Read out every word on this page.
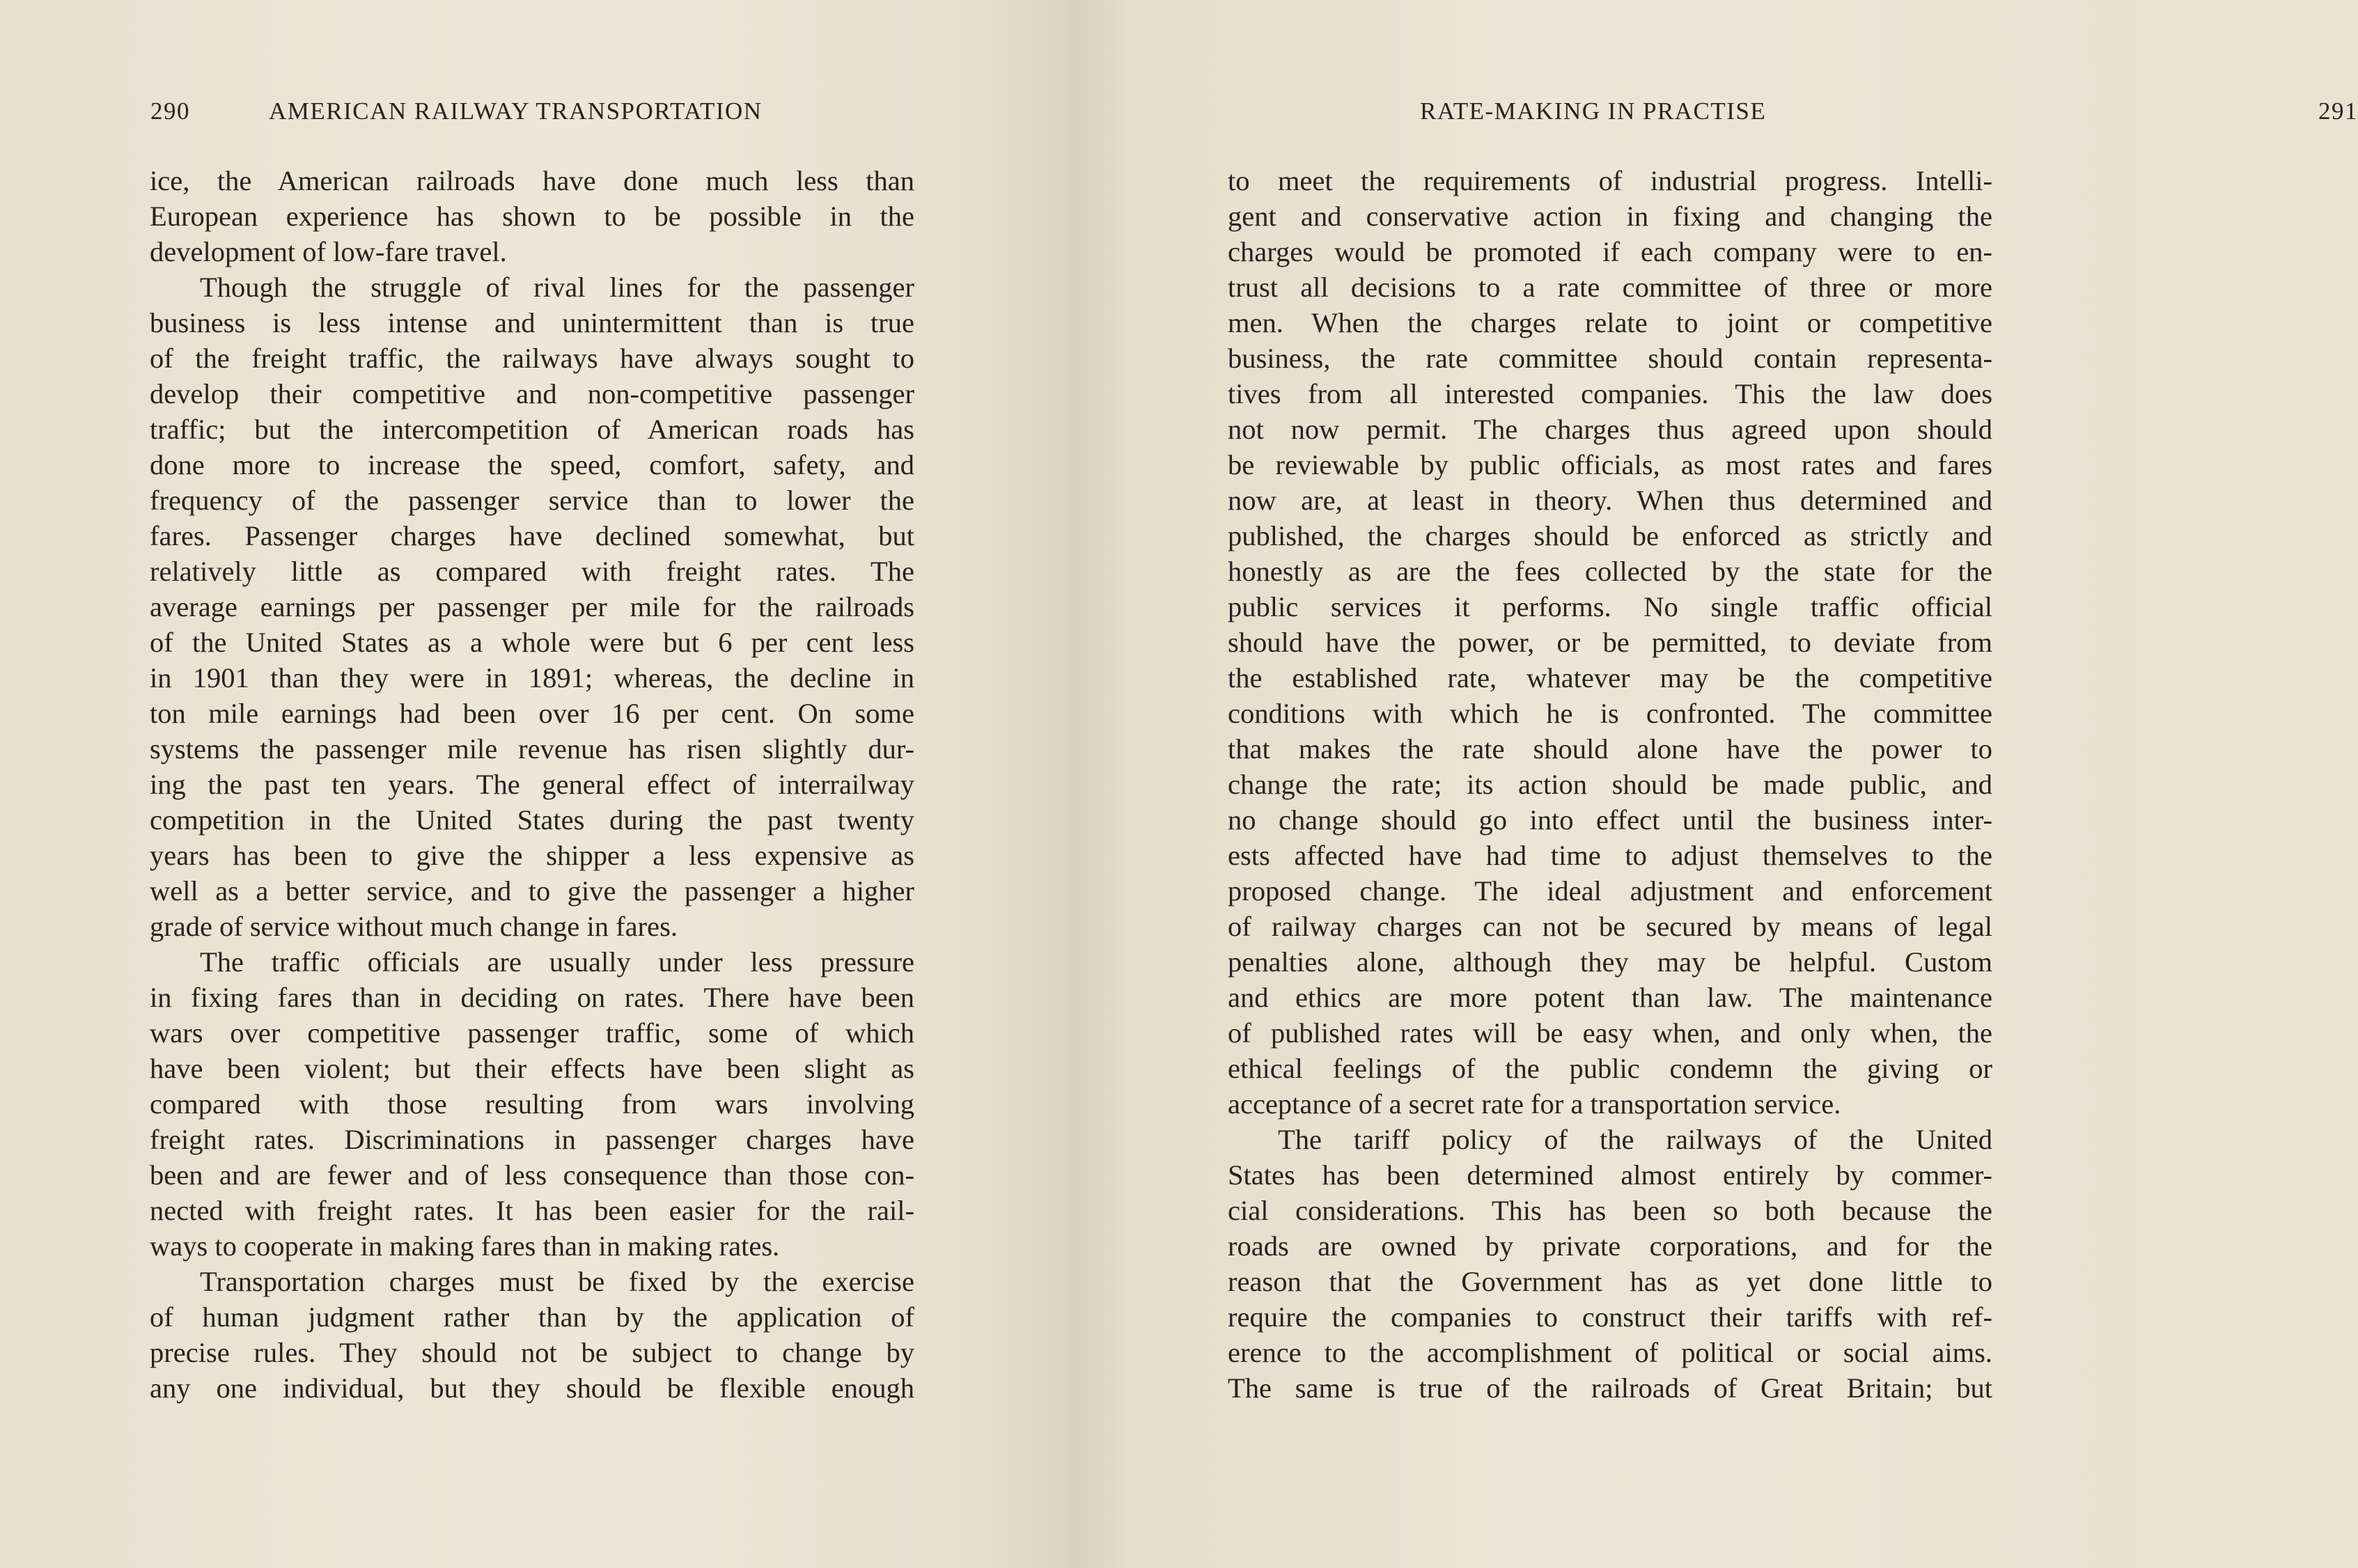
290	AMERICAN RAILWAY TRANSPORTATION
ice, the American railroads have done much less than
European experience has shown to be possible in the
development of low-fare travel.
Though the struggle of rival lines for the passenger
business is less intense and unintermittent than is true
of the freight traffic, the railways have always sought to
develop their competitive and non-competitive passenger
traffic; but the intercompetition of American roads has
done more to increase the speed, comfort, safety, and
frequency of the passenger service than to lower the
fares. Passenger charges have declined somewhat, but
relatively little as compared with freight rates. The
average earnings per passenger per mile for the railroads
of the United States as a whole were but 6 per cent less
in 1901 than they were in 1891; whereas, the decline in
ton mile earnings had been over 16 per cent. On some
systems the passenger mile revenue has risen slightly dur-
ing the past ten years. The general effect of interrailway
competition in the United States during the past twenty
years has been to give the shipper a less expensive as
well as a better service, and to give the passenger a higher
grade of service without much change in fares.
The traffic officials are usually under less pressure
in fixing fares than in deciding on rates. There have been
wars over competitive passenger traffic, some of which
have been violent; but their effects have been slight as
compared with those resulting from wars involving
freight rates. Discriminations in passenger charges have
been and are fewer and of less consequence than those con-
nected with freight rates. It has been easier for the rail-
ways to cooperate in making fares than in making rates.
Transportation charges must be fixed by the exercise
of human judgment rather than by the application of
precise rules. They should not be subject to change by
any one individual, but they should be flexible enough
RATE-MAKING IN PRACTISE	291
to meet the requirements of industrial progress. Intelli-
gent and conservative action in fixing and changing the
charges would be promoted if each company were to en-
trust all decisions to a rate committee of three or more
men. When the charges relate to joint or competitive
business, the rate committee should contain representa-
tives from all interested companies. This the law does
not now permit. The charges thus agreed upon should
be reviewable by public officials, as most rates and fares
now are, at least in theory. When thus determined and
published, the charges should be enforced as strictly and
honestly as are the fees collected by the state for the
public services it performs. No single traffic official
should have the power, or be permitted, to deviate from
the established rate, whatever may be the competitive
conditions with which he is confronted. The committee
that makes the rate should alone have the power to
change the rate; its action should be made public, and
no change should go into effect until the business inter-
ests affected have had time to adjust themselves to the
proposed change. The ideal adjustment and enforcement
of railway charges can not be secured by means of legal
penalties alone, although they may be helpful. Custom
and ethics are more potent than law. The maintenance
of published rates will be easy when, and only when, the
ethical feelings of the public condemn the giving or
acceptance of a secret rate for a transportation service.
The tariff policy of the railways of the United
States has been determined almost entirely by commer-
cial considerations. This has been so both because the
roads are owned by private corporations, and for the
reason that the Government has as yet done little to
require the companies to construct their tariffs with ref-
erence to the accomplishment of political or social aims.
The same is true of the railroads of Great Britain; but
